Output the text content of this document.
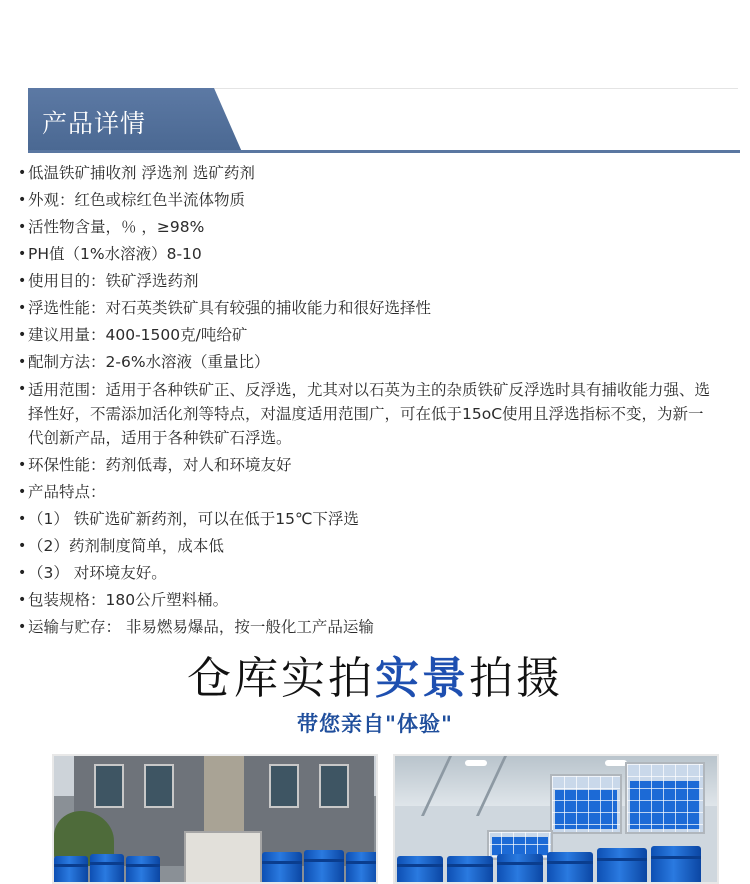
产品详情
• 低温铁矿捕收剂 浮选剂 选矿药剂
• 外观：红色或棕红色半流体物质
• 活性物含量，％ ，≥98%
• PH值（1%水溶液）8-10
• 使用目的：铁矿浮选药剂
• 浮选性能：对石英类铁矿具有较强的捕收能力和很好选择性
• 建议用量：400-1500克/吨给矿
• 配制方法：2-6%水溶液（重量比）
• 适用范围：适用于各种铁矿正、反浮选，尤其对以石英为主的杂质铁矿反浮选时具有捕收能力强、选择性好，不需添加活化剂等特点，对温度适用范围广，可在低于15oC使用且浮选指标不变，为新一代创新产品，适用于各种铁矿石浮选。
• 环保性能：药剂低毒，对人和环境友好
• 产品特点：
• （1） 铁矿选矿新药剂，可以在低于15℃下浮选
• （2）药剂制度简单，成本低
• （3） 对环境友好。
• 包装规格：180公斤塑料桶。
• 运输与贮存： 非易燃易爆品，按一般化工产品运输
仓库实拍实景拍摄
带您亲自"体验"
